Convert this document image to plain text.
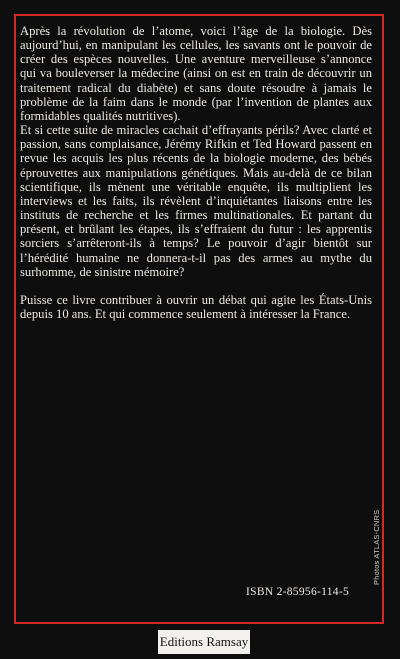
Après la révolution de l’atome, voici l’âge de la biologie. Dès aujourd’hui, en manipulant les cellules, les savants ont le pouvoir de créer des espèces nouvelles. Une aventure merveilleuse s’annonce qui va bouleverser la médecine (ainsi on est en train de découvrir un traitement radical du diabète) et sans doute résoudre à jamais le problème de la faim dans le monde (par l’invention de plantes aux formidables qualités nutritives).

Et si cette suite de miracles cachait d’effrayants périls? Avec clarté et passion, sans complaisance, Jérémy Rifkin et Ted Howard passent en revue les acquis les plus récents de la biologie moderne, des bébés éprouvettes aux manipulations génétiques. Mais au-delà de ce bilan scientifique, ils mènent une véritable enquête, ils multiplient les interviews et les faits, ils révèlent d’inquiétantes liaisons entre les instituts de recherche et les firmes multinationales. Et partant du présent, et brûlant les étapes, ils s’effraient du futur : les apprentis sorciers s’arrêteront-ils à temps? Le pouvoir d’agir bientôt sur l’hérédité humaine ne donnera-t-il pas des armes au mythe du surhomme, de sinistre mémoire?

Puisse ce livre contribuer à ouvrir un débat qui agite les États-Unis depuis 10 ans. Et qui commence seulement à intéresser la France.

Photos ATLAS-CNRS
ISBN 2-85956-114-5
Editions Ramsay
